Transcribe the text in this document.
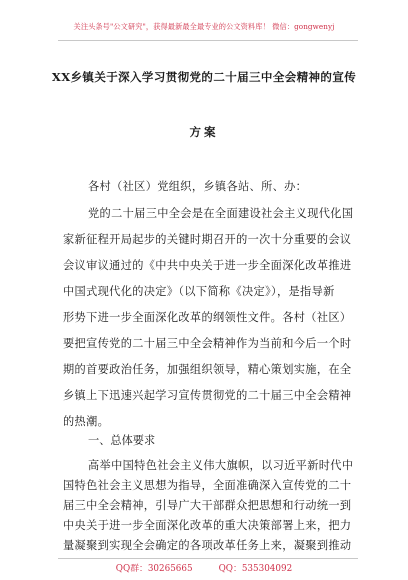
关注头条号"公文研究"，获得最新最全最专业的公文资料库！ 微信：gongwenyj
XX乡镇关于深入学习贯彻党的二十届三中全会精神的宣传
方案
各村（社区）党组织，乡镇各站、所、办：
党的二十届三中全会是在全面建设社会主义现代化国
家新征程开局起步的关键时期召开的一次十分重要的会议
会议审议通过的《中共中央关于进一步全面深化改革推进
中国式现代化的决定》（以下简称《决定》），是指导新
形势下进一步全面深化改革的纲领性文件。各村（社区）
要把宣传党的二十届三中全会精神作为当前和今后一个时
期的首要政治任务，加强组织领导，精心策划实施，在全
乡镇上下迅速兴起学习宣传贯彻党的二十届三中全会精神
的热潮。
一、总体要求
高举中国特色社会主义伟大旗帜，以习近平新时代中
国特色社会主义思想为指导，全面准确深入宣传党的二十
届三中全会精神，引导广大干部群众把思想和行动统一到
中央关于进一步全面深化改革的重大决策部署上来，把力
量凝聚到实现全会确定的各项改革任务上来，凝聚到推动
QQ群：30265665	QQ：535304092
